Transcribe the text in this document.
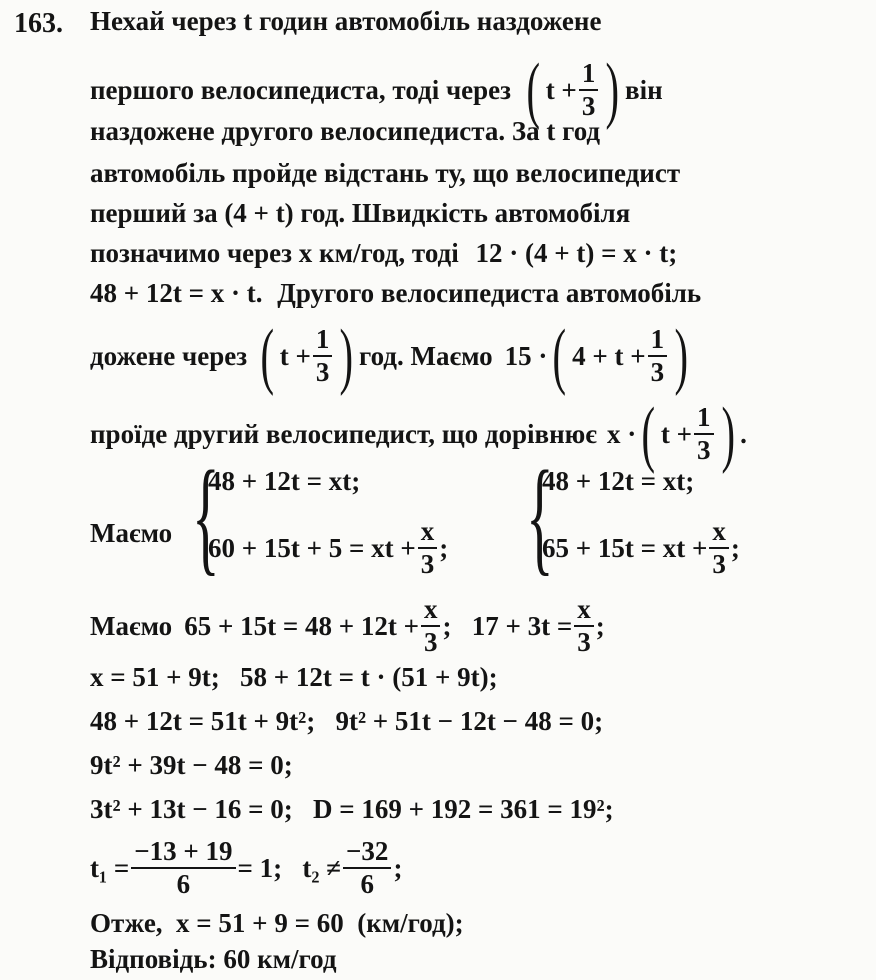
163. Нехай через t годин автомобіль наздожене
першого велосипедиста, тоді через ( $t + \frac{1}{3}$ ) він
наздожене другого велосипедиста. За t год
автомобіль пройде відстань ту, що велосипедист
перший за (4 + t) год. Швидкість автомобіля
позначимо через x км/год, тоді 12 · (4 + t) = x · t;
48 + 12t = x · t. Другого велосипедиста автомобіль
дожене через ( $t + \frac{1}{3}$ ) год. Маємо 15 · ( $4 + t + \frac{1}{3}$ )
проїде другий велосипедист, що дорівнює x · ( $t + \frac{1}{3}$ ) .
Маємо {
48 + 12t = xt;
60 + 15t + 5 = xt + $\frac{x}{3}$ ; {
48 + 12t = xt;
65 + 15t = xt + $\frac{x}{3}$ ;
Маємо $65 + 15t = 48 + 12t + \frac{x}{3}$ ;   $17 + 3t = \frac{x}{3}$ ;
x = 51 + 9t;   58 + 12t = t · (51 + 9t);
48 + 12t = 51t + 9t²;   9t² + 51t − 12t − 48 = 0;
9t² + 39t − 48 = 0;
3t² + 13t − 16 = 0;   D = 169 + 192 = 361 = 19²;
$t_1 = \frac{-13 + 19}{6} = 1$;   $t_2 \ne \frac{-32}{6}$ ;
Отже,  x = 51 + 9 = 60  (км/год);
Відповідь: 60 км/год
